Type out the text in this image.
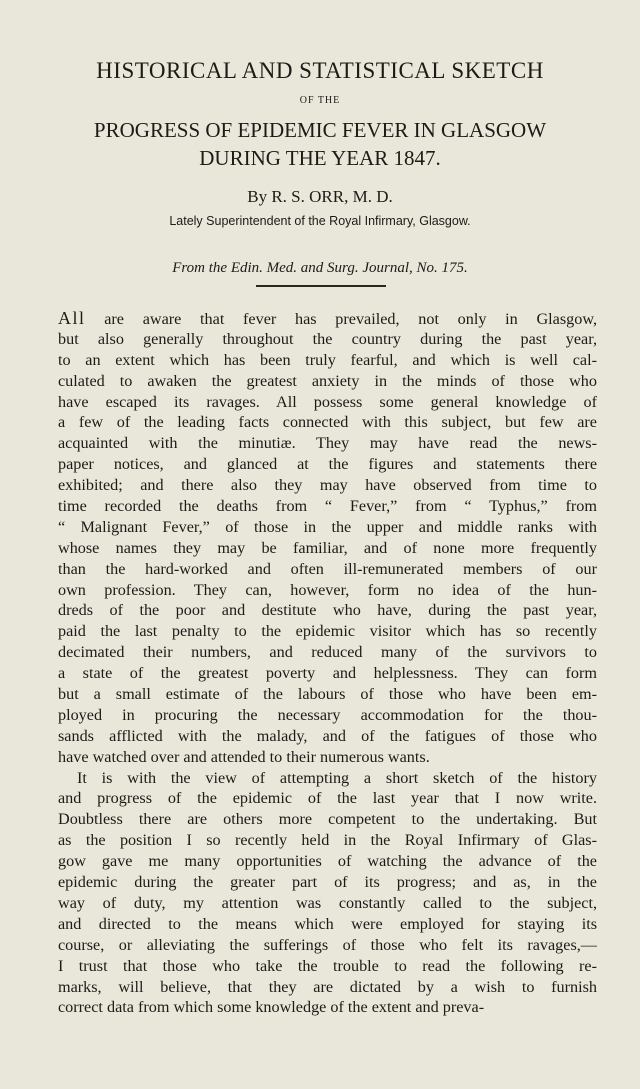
HISTORICAL AND STATISTICAL SKETCH
OF THE
PROGRESS OF EPIDEMIC FEVER IN GLASGOW
DURING THE YEAR 1847.
By R. S. ORR, M. D.
Lately Superintendent of the Royal Infirmary, Glasgow.
From the Edin. Med. and Surg. Journal, No. 175.
All are aware that fever has prevailed, not only in Glasgow,
but also generally throughout the country during the past year,
to an extent which has been truly fearful, and which is well cal-
culated to awaken the greatest anxiety in the minds of those who
have escaped its ravages. All possess some general knowledge of
a few of the leading facts connected with this subject, but few are
acquainted with the minutiæ. They may have read the news-
paper notices, and glanced at the figures and statements there
exhibited; and there also they may have observed from time to
time recorded the deaths from “ Fever,” from “ Typhus,” from
“ Malignant Fever,” of those in the upper and middle ranks with
whose names they may be familiar, and of none more frequently
than the hard-worked and often ill-remunerated members of our
own profession. They can, however, form no idea of the hun-
dreds of the poor and destitute who have, during the past year,
paid the last penalty to the epidemic visitor which has so recently
decimated their numbers, and reduced many of the survivors to
a state of the greatest poverty and helplessness. They can form
but a small estimate of the labours of those who have been em-
ployed in procuring the necessary accommodation for the thou-
sands afflicted with the malady, and of the fatigues of those who
have watched over and attended to their numerous wants.
It is with the view of attempting a short sketch of the history
and progress of the epidemic of the last year that I now write.
Doubtless there are others more competent to the undertaking. But
as the position I so recently held in the Royal Infirmary of Glas-
gow gave me many opportunities of watching the advance of the
epidemic during the greater part of its progress; and as, in the
way of duty, my attention was constantly called to the subject,
and directed to the means which were employed for staying its
course, or alleviating the sufferings of those who felt its ravages,—
I trust that those who take the trouble to read the following re-
marks, will believe, that they are dictated by a wish to furnish
correct data from which some knowledge of the extent and preva-
